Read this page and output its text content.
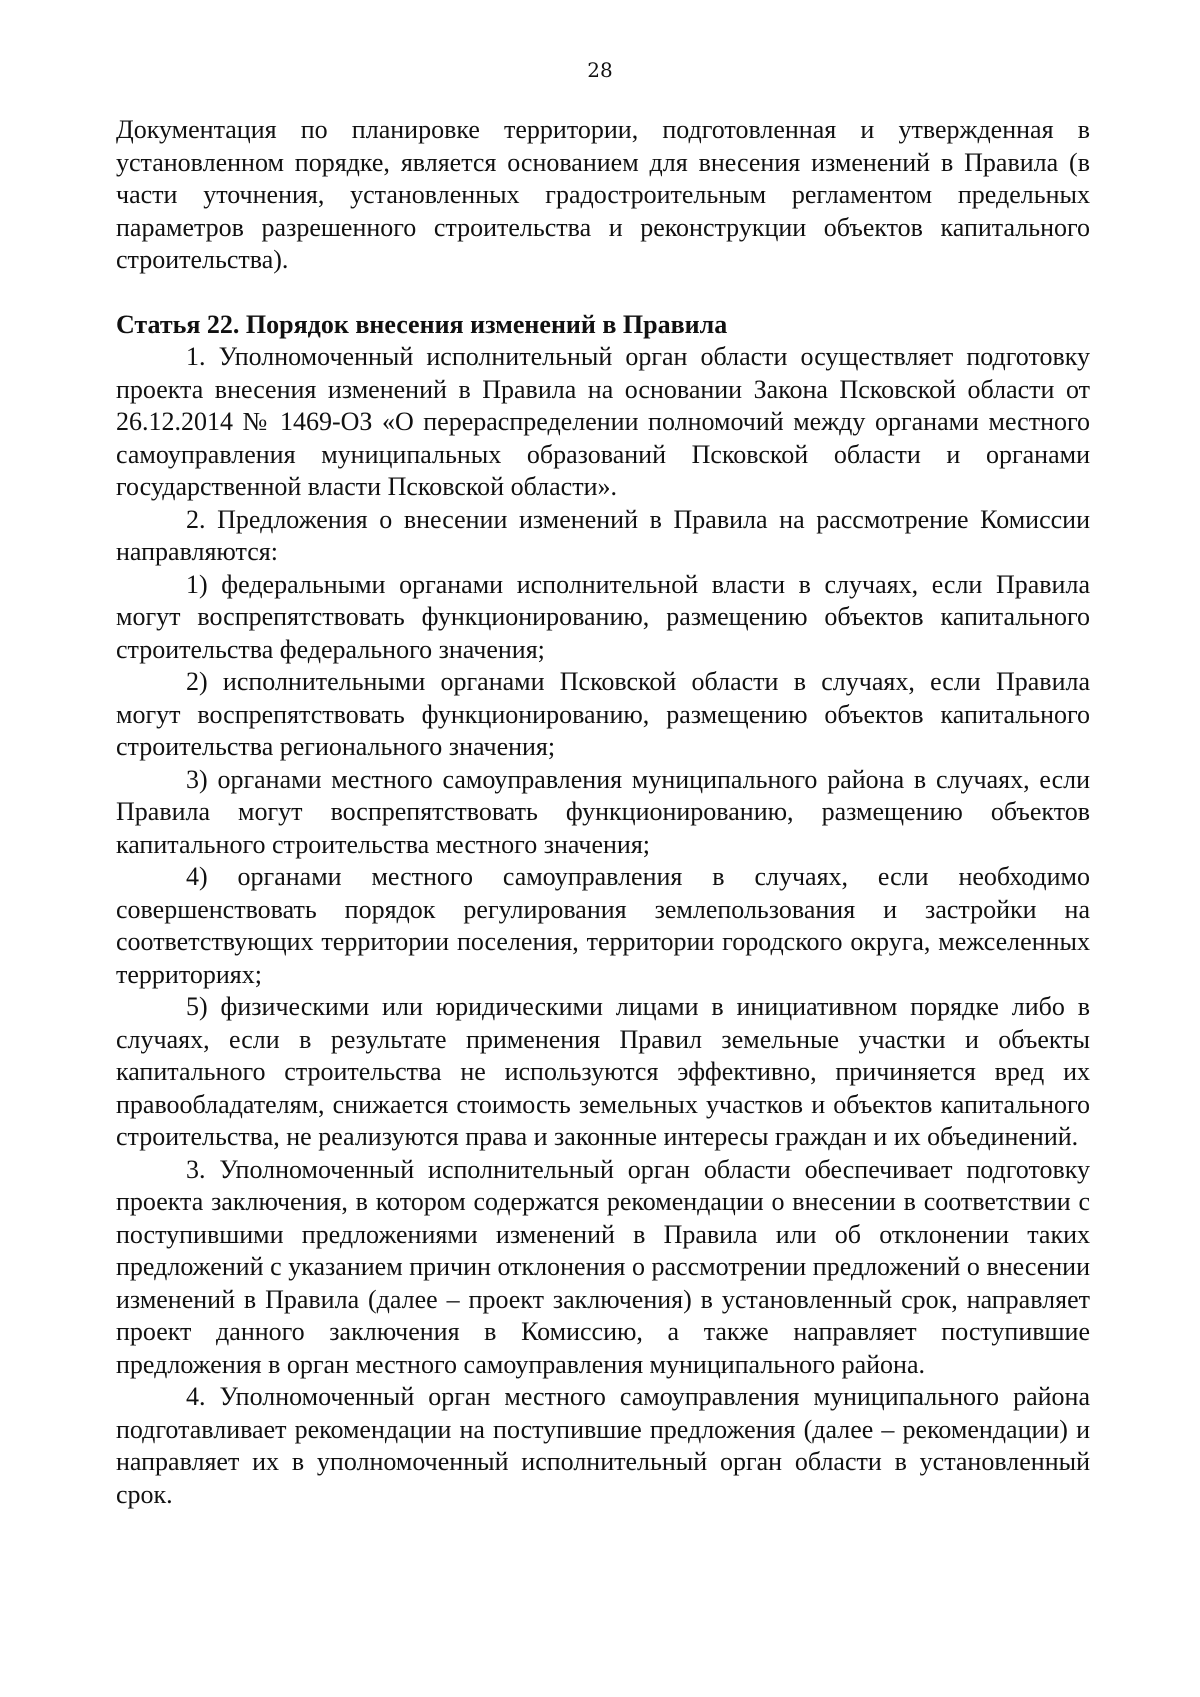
28

Документация по планировке территории, подготовленная и утвержденная в установленном порядке, является основанием для внесения изменений в Правила (в части уточнения, установленных градостроительным регламентом предельных параметров разрешенного строительства и реконструкции объектов капитального строительства).

Статья 22. Порядок внесения изменений в Правила

1. Уполномоченный исполнительный орган области осуществляет подготовку проекта внесения изменений в Правила на основании Закона Псковской области от 26.12.2014 № 1469-ОЗ «О перераспределении полномочий между органами местного самоуправления муниципальных образований Псковской области и органами государственной власти Псковской области».

2. Предложения о внесении изменений в Правила на рассмотрение Комиссии направляются:

1) федеральными органами исполнительной власти в случаях, если Правила могут воспрепятствовать функционированию, размещению объектов капитального строительства федерального значения;

2) исполнительными органами Псковской области в случаях, если Правила могут воспрепятствовать функционированию, размещению объектов капитального строительства регионального значения;

3) органами местного самоуправления муниципального района в случаях, если Правила могут воспрепятствовать функционированию, размещению объектов капитального строительства местного значения;

4) органами местного самоуправления в случаях, если необходимо совершенствовать порядок регулирования землепользования и застройки на соответствующих территории поселения, территории городского округа, межселенных территориях;

5) физическими или юридическими лицами в инициативном порядке либо в случаях, если в результате применения Правил земельные участки и объекты капитального строительства не используются эффективно, причиняется вред их правообладателям, снижается стоимость земельных участков и объектов капитального строительства, не реализуются права и законные интересы граждан и их объединений.

3. Уполномоченный исполнительный орган области обеспечивает подготовку проекта заключения, в котором содержатся рекомендации о внесении в соответствии с поступившими предложениями изменений в Правила или об отклонении таких предложений с указанием причин отклонения о рассмотрении предложений о внесении изменений в Правила (далее – проект заключения) в установленный срок, направляет проект данного заключения в Комиссию, а также направляет поступившие предложения в орган местного самоуправления муниципального района.

4. Уполномоченный орган местного самоуправления муниципального района подготавливает рекомендации на поступившие предложения (далее – рекомендации) и направляет их в уполномоченный исполнительный орган области в установленный срок.
